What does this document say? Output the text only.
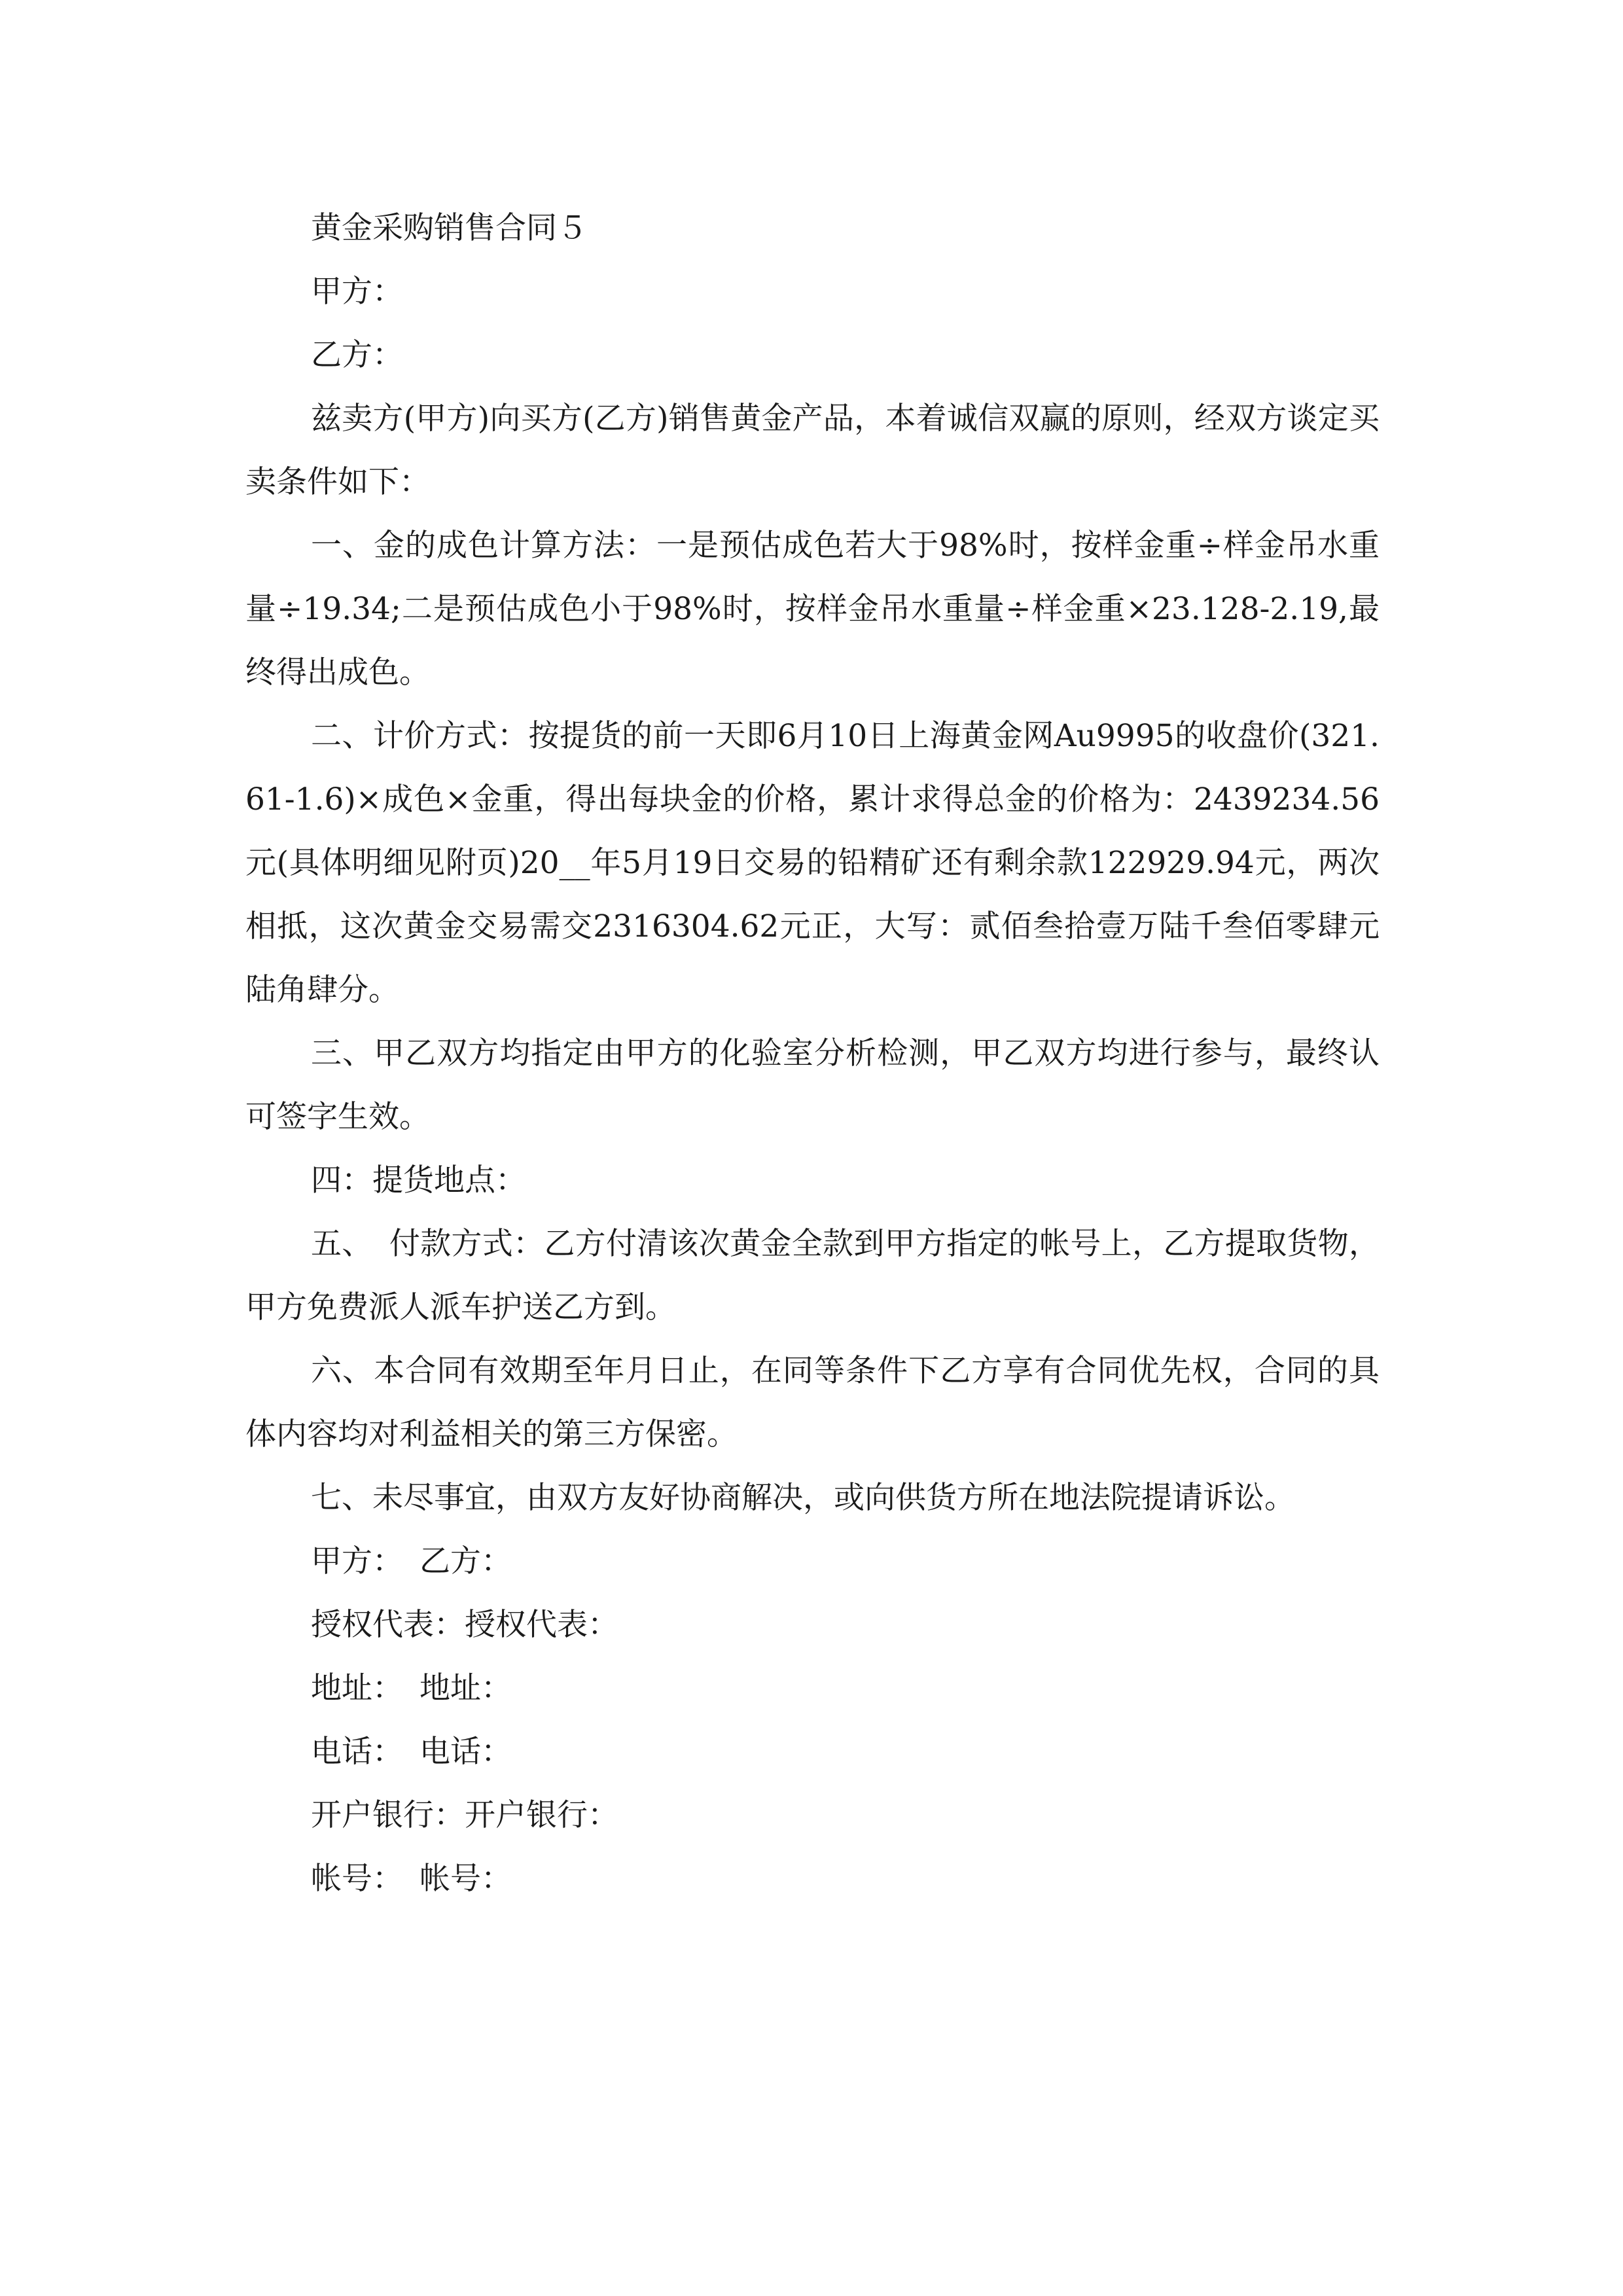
黄金采购销售合同５

甲方：

乙方：

兹卖方(甲方)向买方(乙方)销售黄金产品，本着诚信双赢的原则，经双方谈定买卖条件如下：

一、金的成色计算方法：一是预估成色若大于98%时，按样金重÷样金吊水重量÷19.34;二是预估成色小于98%时，按样金吊水重量÷样金重×23.128-2.19,最终得出成色。

二、计价方式：按提货的前一天即6月10日上海黄金网Au9995的收盘价(321.61-1.6)×成色×金重，得出每块金的价格，累计求得总金的价格为：2439234.56元(具体明细见附页)20__年5月19日交易的铅精矿还有剩余款122929.94元，两次相抵，这次黄金交易需交2316304.62元正，大写：贰佰叁拾壹万陆千叁佰零肆元陆角肆分。

三、甲乙双方均指定由甲方的化验室分析检测，甲乙双方均进行参与，最终认可签字生效。

四：提货地点：

五、 付款方式：乙方付清该次黄金全款到甲方指定的帐号上，乙方提取货物，甲方免费派人派车护送乙方到。

六、本合同有效期至年月日止，在同等条件下乙方享有合同优先权，合同的具体内容均对利益相关的第三方保密。

七、未尽事宜，由双方友好协商解决，或向供货方所在地法院提请诉讼。

甲方： 乙方：

授权代表：授权代表：

地址： 地址：

电话： 电话：

开户银行：开户银行：

帐号： 帐号：
